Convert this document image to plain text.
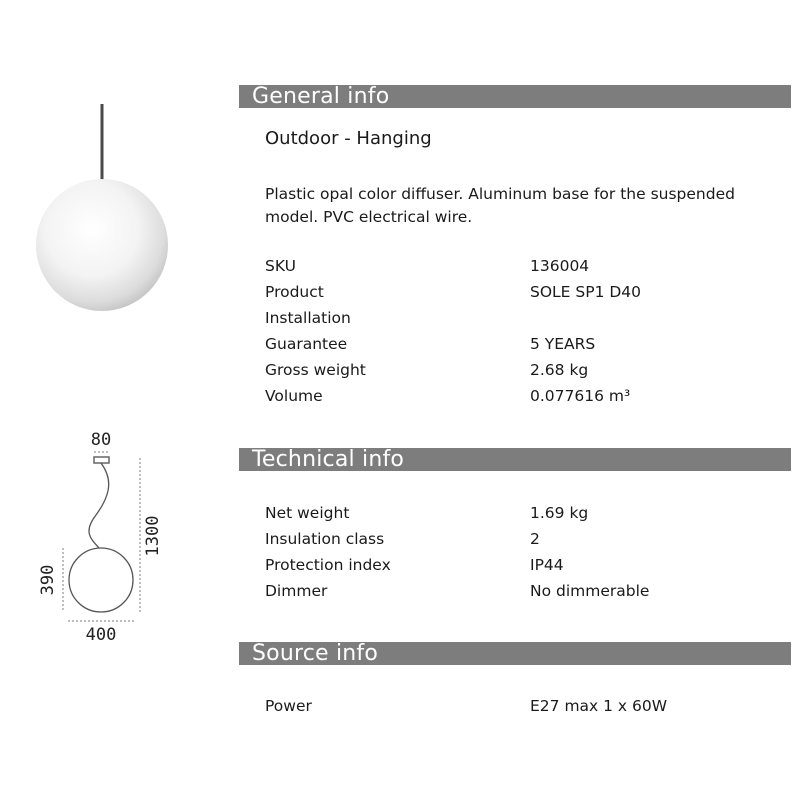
80
1300
390
400
General info
Outdoor - Hanging
Plastic opal color diffuser. Aluminum base for the suspended model. PVC electrical wire.
SKU	136004
Product	SOLE SP1 D40
Installation
Guarantee	5 YEARS
Gross weight	2.68 kg
Volume	0.077616 m³
Technical info
Net weight	1.69 kg
Insulation class	2
Protection index	IP44
Dimmer	No dimmerable
Source info
Power	E27 max 1 x 60W
